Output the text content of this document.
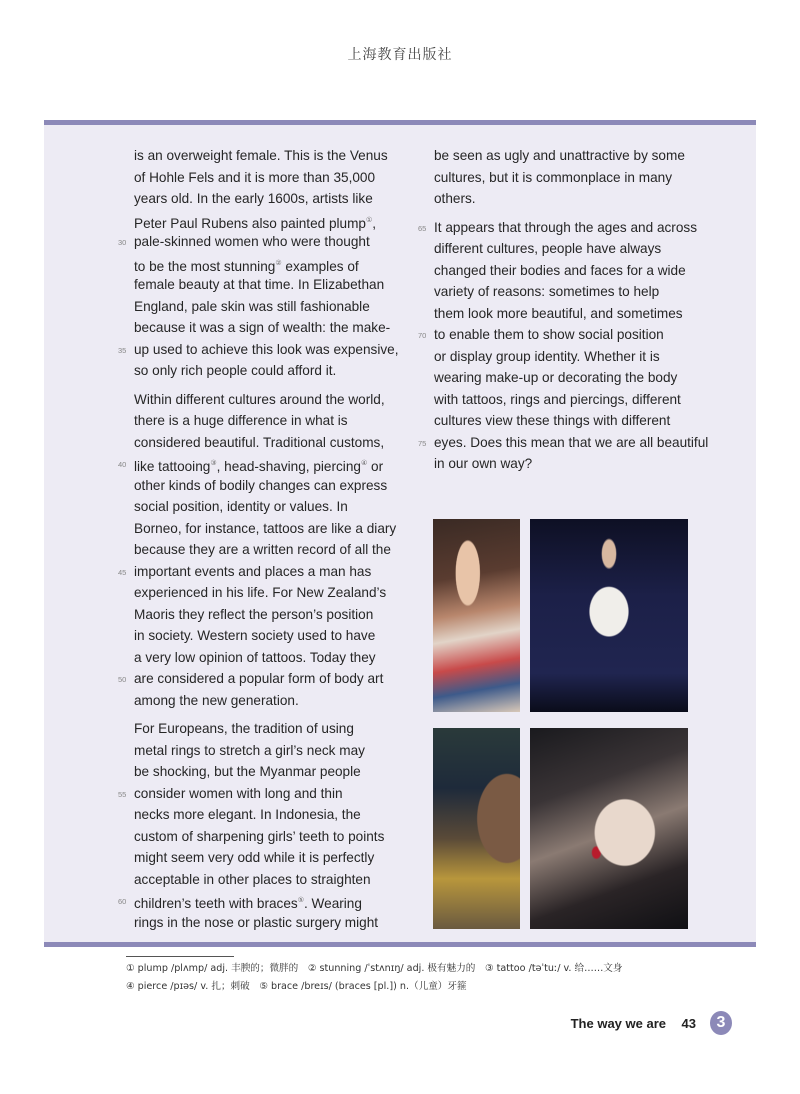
上海教育出版社
is an overweight female. This is the Venus
of Hohle Fels and it is more than 35,000
years old. In the early 1600s, artists like
Peter Paul Rubens also painted plump①,
30 pale-skinned women who were thought
to be the most stunning② examples of
female beauty at that time. In Elizabethan
England, pale skin was still fashionable
because it was a sign of wealth: the make-
35 up used to achieve this look was expensive,
so only rich people could afford it.
Within different cultures around the world,
there is a huge difference in what is
considered beautiful. Traditional customs,
40 like tattooing③, head-shaving, piercing④ or
other kinds of bodily changes can express
social position, identity or values. In
Borneo, for instance, tattoos are like a diary
because they are a written record of all the
45 important events and places a man has
experienced in his life. For New Zealand’s
Maoris they reflect the person’s position
in society. Western society used to have
a very low opinion of tattoos. Today they
50 are considered a popular form of body art
among the new generation.
For Europeans, the tradition of using
metal rings to stretch a girl’s neck may
be shocking, but the Myanmar people
55 consider women with long and thin
necks more elegant. In Indonesia, the
custom of sharpening girls’ teeth to points
might seem very odd while it is perfectly
acceptable in other places to straighten
60 children’s teeth with braces⑤. Wearing
rings in the nose or plastic surgery might
be seen as ugly and unattractive by some
cultures, but it is commonplace in many
others.
65 It appears that through the ages and across
different cultures, people have always
changed their bodies and faces for a wide
variety of reasons: sometimes to help
them look more beautiful, and sometimes
70 to enable them to show social position
or display group identity. Whether it is
wearing make-up or decorating the body
with tattoos, rings and piercings, different
cultures view these things with different
75 eyes. Does this mean that we are all beautiful
in our own way?
① plump /plʌmp/ adj. 丰腴的；微胖的　② stunning /ˈstʌnɪŋ/ adj. 极有魅力的　③ tattoo /təˈtuː/ v. 给……文身
④ pierce /pɪəs/ v. 扎；刺破　⑤ brace /breɪs/ (braces [pl.]) n.（儿童）牙箍
The way we are 43	3
